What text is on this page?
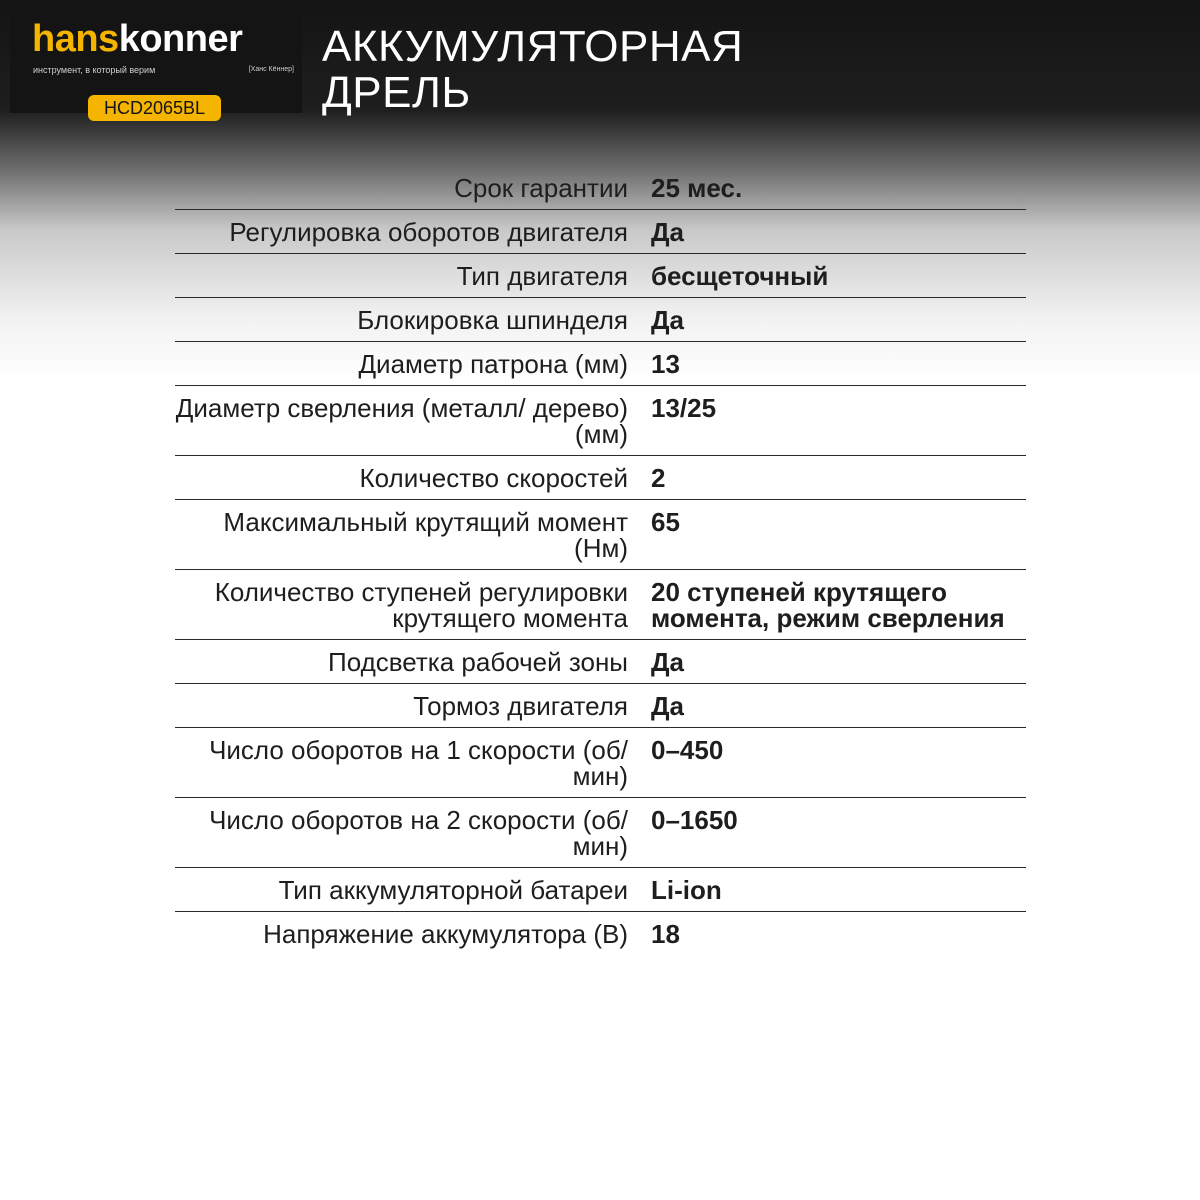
hanskonner
инструмент, в который верим	[Ханс Кённер]
HCD2065BL
АККУМУЛЯТОРНАЯ
ДРЕЛЬ
Срок гарантии 25 мес.
Регулировка оборотов двигателя Да
Тип двигателя бесщеточный
Блокировка шпинделя Да
Диаметр патрона (мм) 13
Диаметр сверления (металл/ дерево) (мм)
13/25
Количество скоростей 2
Максимальный крутящий момент (Нм)
65
Количество ступеней регулировки крутящего момента
20 ступеней крутящего момента, режим сверления
Подсветка рабочей зоны Да
Тормоз двигателя Да
Число оборотов на 1 скорости (об/мин)
0–450
Число оборотов на 2 скорости (об/мин)
0–1650
Тип аккумуляторной батареи Li-ion
Напряжение аккумулятора (В) 18
